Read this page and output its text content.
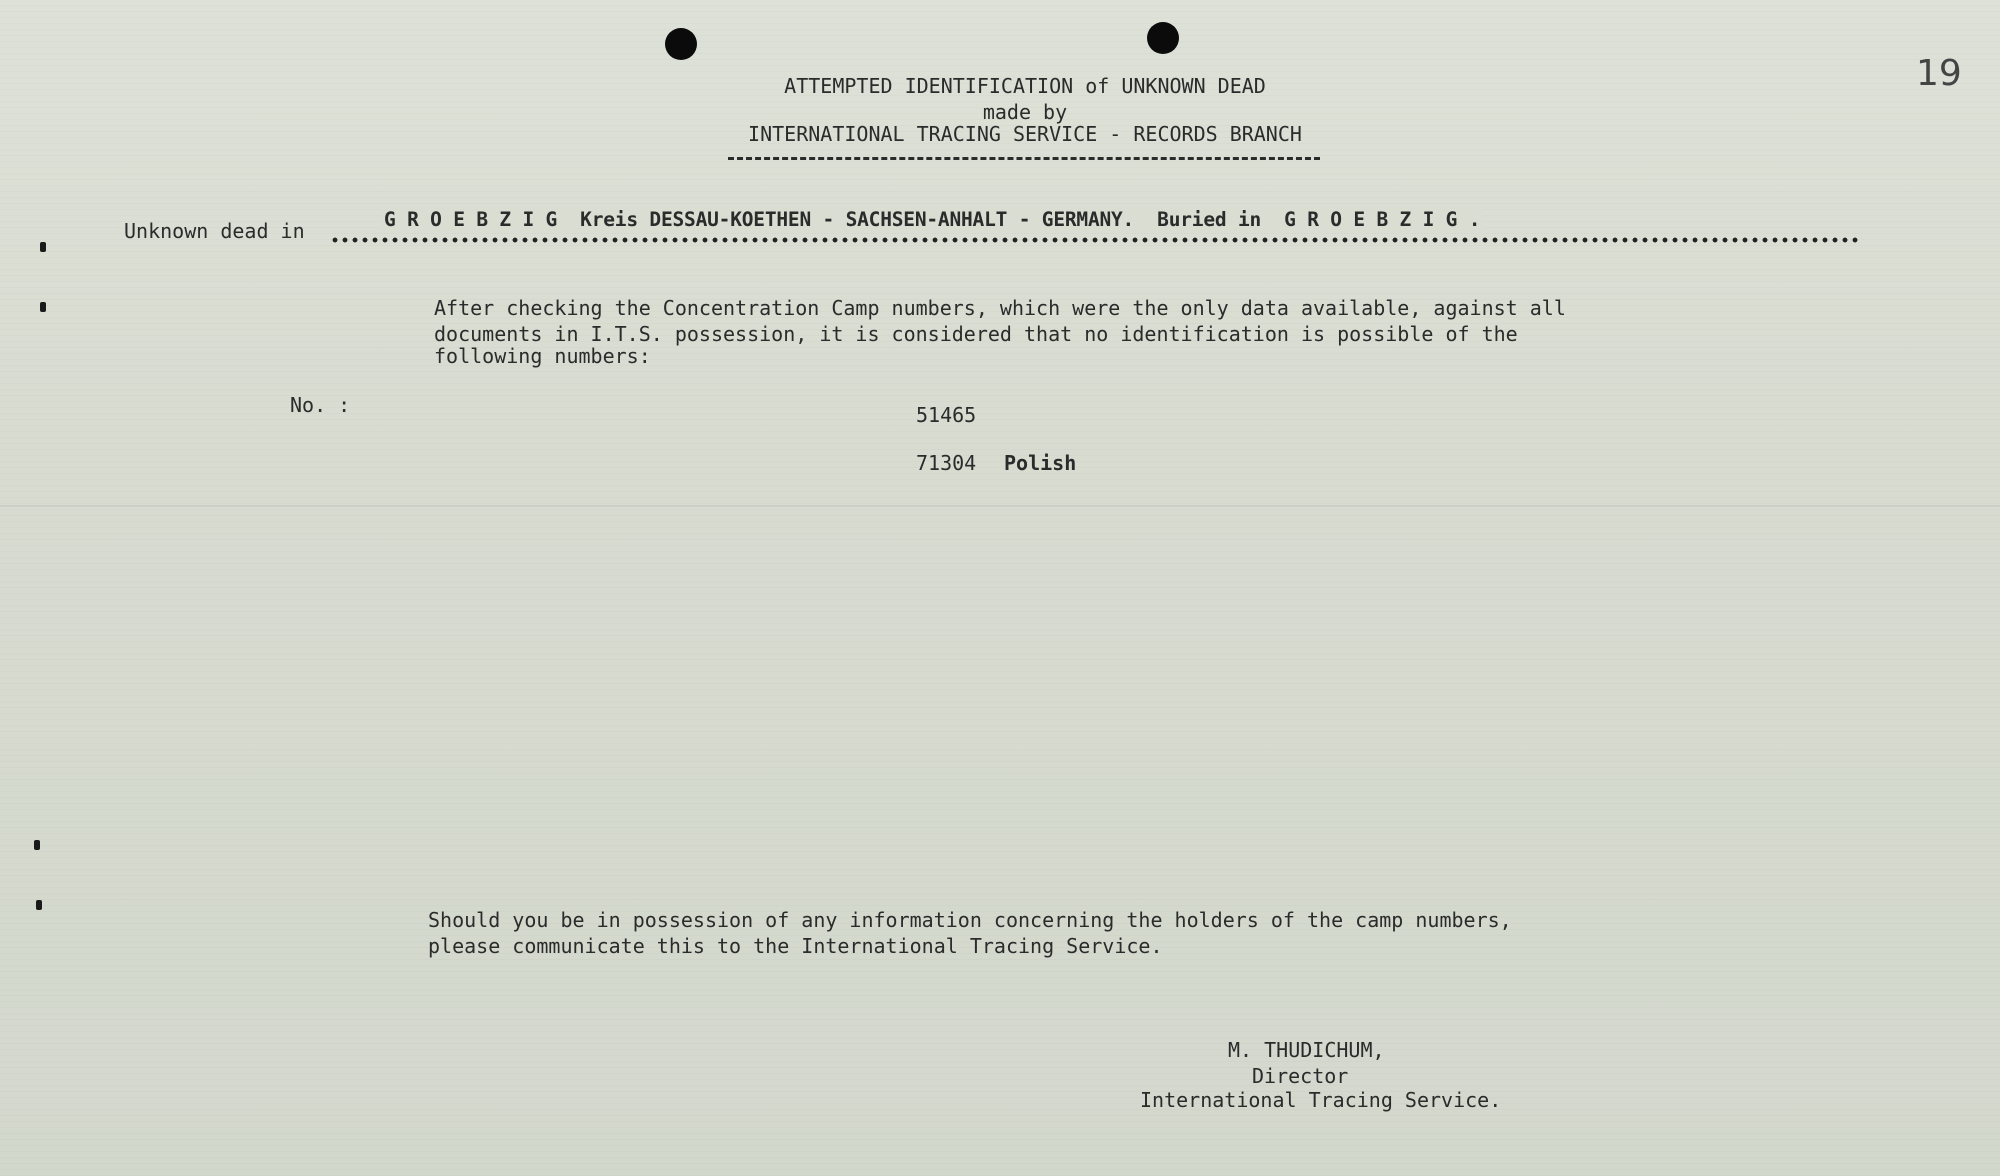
19
ATTEMPTED IDENTIFICATION of UNKNOWN DEAD
made by
INTERNATIONAL TRACING SERVICE - RECORDS BRANCH
Unknown dead in	G R O E B Z I G  Kreis DESSAU-KOETHEN - SACHSEN-ANHALT - GERMANY.  Buried in  G R O E B Z I G .
After checking the Concentration Camp numbers, which were the only data available, against all
documents in I.T.S. possession, it is considered that no identification is possible of the
following numbers:
No. :	51465
71304 Polish
Should you be in possession of any information concerning the holders of the camp numbers,
please communicate this to the International Tracing Service.
M. THUDICHUM,
Director
International Tracing Service.
